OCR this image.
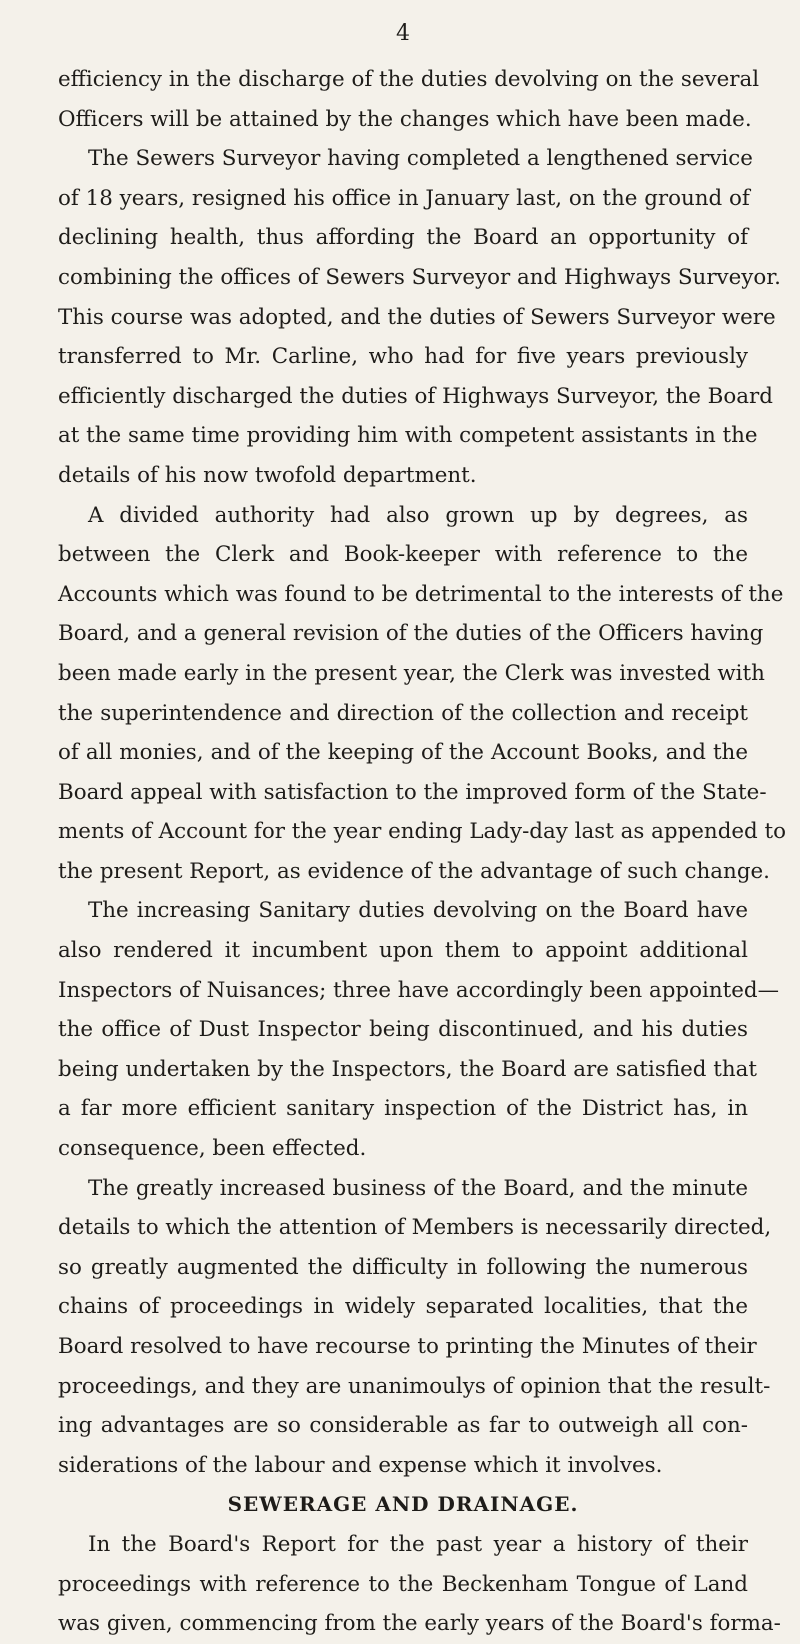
4

efficiency in the discharge of the duties devolving on the several

Officers will be attained by the changes which have been made.

The Sewers Surveyor having completed a lengthened service

of 18 years, resigned his office in January last, on the ground of

declining health, thus affording the Board an opportunity of

combining the offices of Sewers Surveyor and Highways Surveyor.

This course was adopted, and the duties of Sewers Surveyor were

transferred to Mr. Carline, who had for five years previously

efficiently discharged the duties of Highways Surveyor, the Board

at the same time providing him with competent assistants in the

details of his now twofold department.

A divided authority had also grown up by degrees, as

between the Clerk and Book-keeper with reference to the

Accounts which was found to be detrimental to the interests of the

Board, and a general revision of the duties of the Officers having

been made early in the present year, the Clerk was invested with

the superintendence and direction of the collection and receipt

of all monies, and of the keeping of the Account Books, and the

Board appeal with satisfaction to the improved form of the State-

ments of Account for the year ending Lady-day last as appended to

the present Report, as evidence of the advantage of such change.

The increasing Sanitary duties devolving on the Board have

also rendered it incumbent upon them to appoint additional

Inspectors of Nuisances; three have accordingly been appointed—

the office of Dust Inspector being discontinued, and his duties

being undertaken by the Inspectors, the Board are satisfied that

a far more efficient sanitary inspection of the District has, in

consequence, been effected.

The greatly increased business of the Board, and the minute

details to which the attention of Members is necessarily directed,

so greatly augmented the difficulty in following the numerous

chains of proceedings in widely separated localities, that the

Board resolved to have recourse to printing the Minutes of their

proceedings, and they are unanimoulys of opinion that the result-

ing advantages are so considerable as far to outweigh all con-

siderations of the labour and expense which it involves.

SEWERAGE AND DRAINAGE.

In the Board's Report for the past year a history of their

proceedings with reference to the Beckenham Tongue of Land

was given, commencing from the early years of the Board's forma-
